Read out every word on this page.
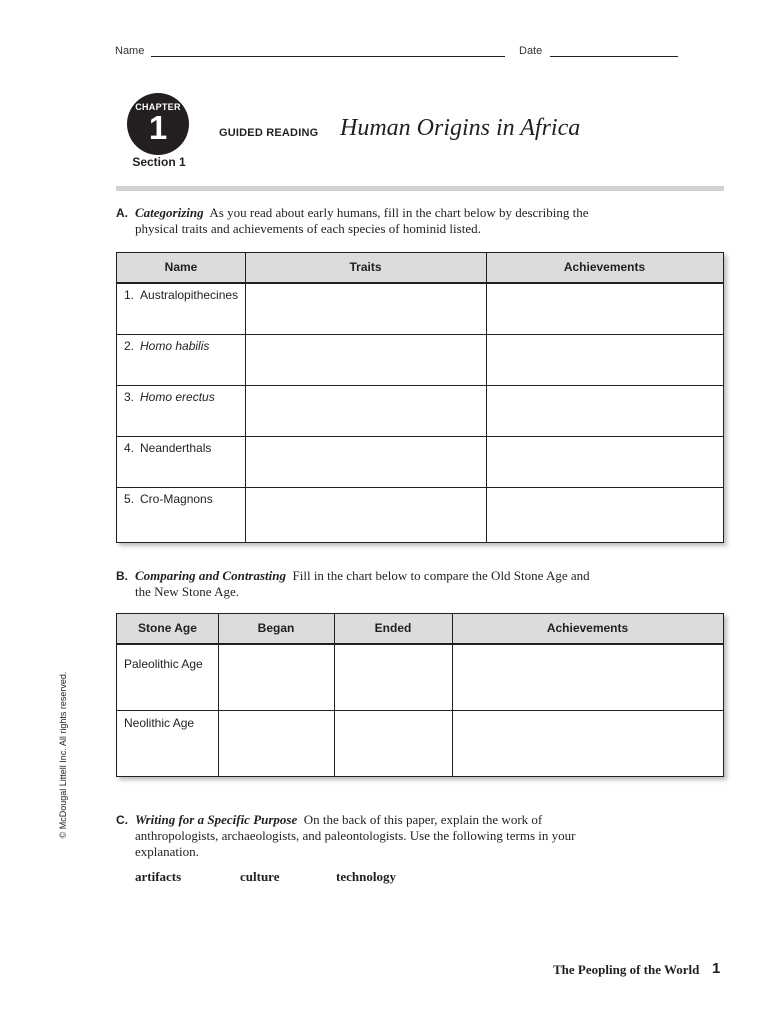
Name	Date
CHAPTER
1
Section 1
GUIDED READING Human Origins in Africa
A. Categorizing As you read about early humans, fill in the chart below by describing the physical traits and achievements of each species of hominid listed.
Name	Traits	Achievements
1. Australopithecines
2. Homo habilis
3. Homo erectus
4. Neanderthals
5. Cro-Magnons
B. Comparing and Contrasting Fill in the chart below to compare the Old Stone Age and the New Stone Age.
Stone Age	Began	Ended	Achievements
Paleolithic Age
Neolithic Age
C. Writing for a Specific Purpose On the back of this paper, explain the work of anthropologists, archaeologists, and paleontologists. Use the following terms in your explanation.
artifacts	culture	technology
© McDougal Littell Inc. All rights reserved.
The Peopling of the World 1
